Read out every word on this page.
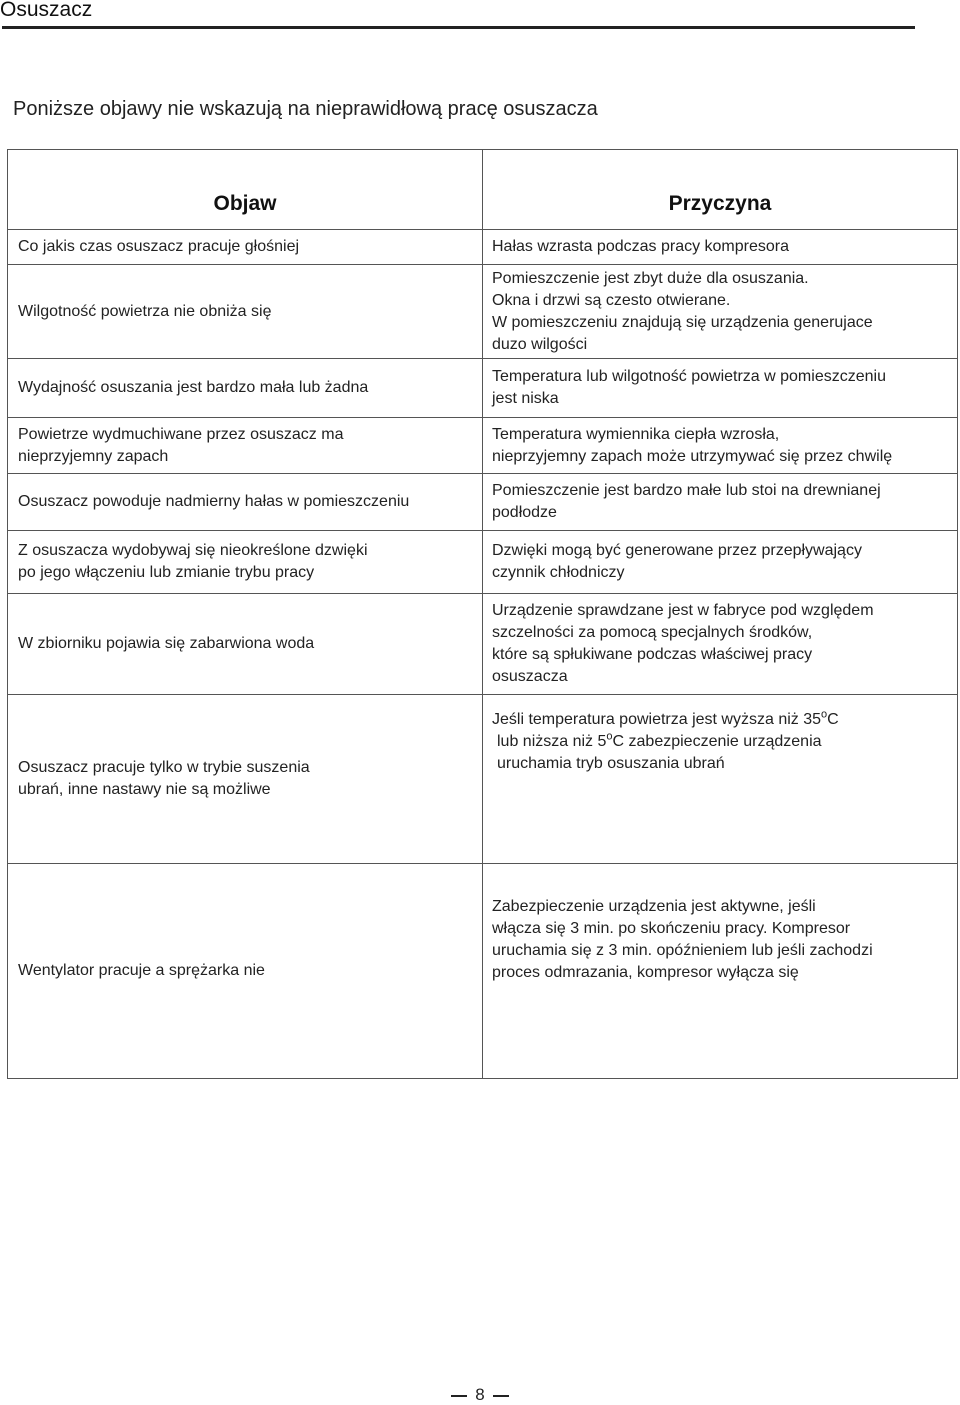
Osuszacz
Poniższe objawy nie wskazują na nieprawidłową pracę osuszacza
Objaw	Przyczyna

Co jakis czas osuszacz pracuje głośniej	Hałas wzrasta podczas pracy kompresora

Wilgotność powietrza nie obniża się	Pomieszczenie jest zbyt duże dla osuszania.
Okna i drzwi są czesto otwierane.
W pomieszczeniu znajdują się urządzenia generujace
duzo wilgości

Wydajność osuszania jest bardzo mała lub żadna	Temperatura lub wilgotność powietrza w pomieszczeniu
jest niska

Powietrze wydmuchiwane przez osuszacz ma
nieprzyjemny zapach	Temperatura wymiennika ciepła wzrosła,
nieprzyjemny zapach może utrzymywać się przez chwilę

Osuszacz powoduje nadmierny hałas w pomieszczeniu	Pomieszczenie jest bardzo małe lub stoi na drewnianej
podłodze

Z osuszacza wydobywaj się nieokreślone dzwięki
po jego włączeniu lub zmianie trybu pracy	Dzwięki mogą być generowane przez przepływający
czynnik chłodniczy

W zbiorniku pojawia się zabarwiona woda	Urządzenie sprawdzane jest w fabryce pod względem
szczelności za pomocą specjalnych środków,
które są spłukiwane podczas właściwej pracy
osuszacza

Osuszacz pracuje tylko w trybie suszenia
ubrań, inne nastawy nie są możliwe	Jeśli temperatura powietrza jest wyższa niż 35$^o$C
lub niższa niż 5$^o$C zabezpieczenie urządzenia
uruchamia tryb osuszania ubrań

Wentylator pracuje a sprężarka nie	Zabezpieczenie urządzenia jest aktywne, jeśli
włącza się 3 min. po skończeniu pracy. Kompresor
uruchamia się z 3 min. opóźnieniem lub jeśli zachodzi
proces odmrazania, kompresor wyłącza się
8
